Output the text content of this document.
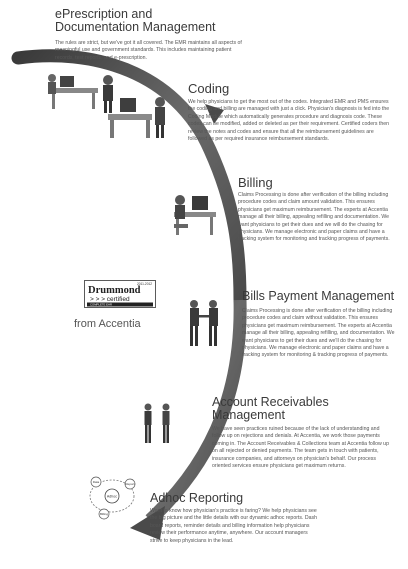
ePrescription and
Documentation Management

The rules are strict, but we've got it all covered. The EMR maintains all aspects of meaningful use and government standards. This includes maintaining patient records, test reports, and e-prescription.

Coding

We help physicians to get the most out of the codes. Integrated EMR and PMS ensures the coding and billing are managed with just a click. Physician's diagnosis is fed into the Coding Module which automatically generates procedure and diagnosis code. These codes can be modified, added or deleted as per their requirement. Certified coders then review the notes and codes and ensure that all the reimbursement guidelines are followed as per required insurance reimbursement standards.

Billing

Claims Processing is done after verification of the billing including procedure codes and claim amount validation. This ensures physicians get maximum reimbursement. The experts at Accentia manage all their billing, appealing refilling and documentation. We want physicians to get their dues and we will do the chasing for physicians. We manage electronic and paper claims and have a tracking system for monitoring and tracking progress of payments.

2011-2012
Drummond
> > > certified
COMPLETE EHR
from Accentia
Bills Payment Management

Claims Processing is done after verification of the billing including procedure codes and claim without validation. This ensures physicians get maximum reimbursement. The experts at Accentia manage all their billing, appealing refilling, and documentation. We want physicians to get their dues and we'll do the chasing for physicians. We manage electronic and paper claims and have a tracking system for monitoring & tracking progress of payments.

Account Receivables
Management

We have seen practices ruined because of the lack of understanding and follow up on rejections and denials. At Accentia, we work those payments coming in. The Account Receivables & Collections team at Accentia follow up on all rejected or denied payments. The team gets in touch with patients, insurance companies, and attorneys on physician's behalf. Our process oriented services ensure physicians get maximum returns.

Adhoc Reporting

Want to know how physician's practice is faring? We help physicians see the big picture and the little details with our dynamic adhoc reports. Dash board reports, reminder details and billing information help physicians review their performance anytime, anywhere. Our account managers strive to keep physicians in the lead.

Adhoc
Data	Report
Billing
